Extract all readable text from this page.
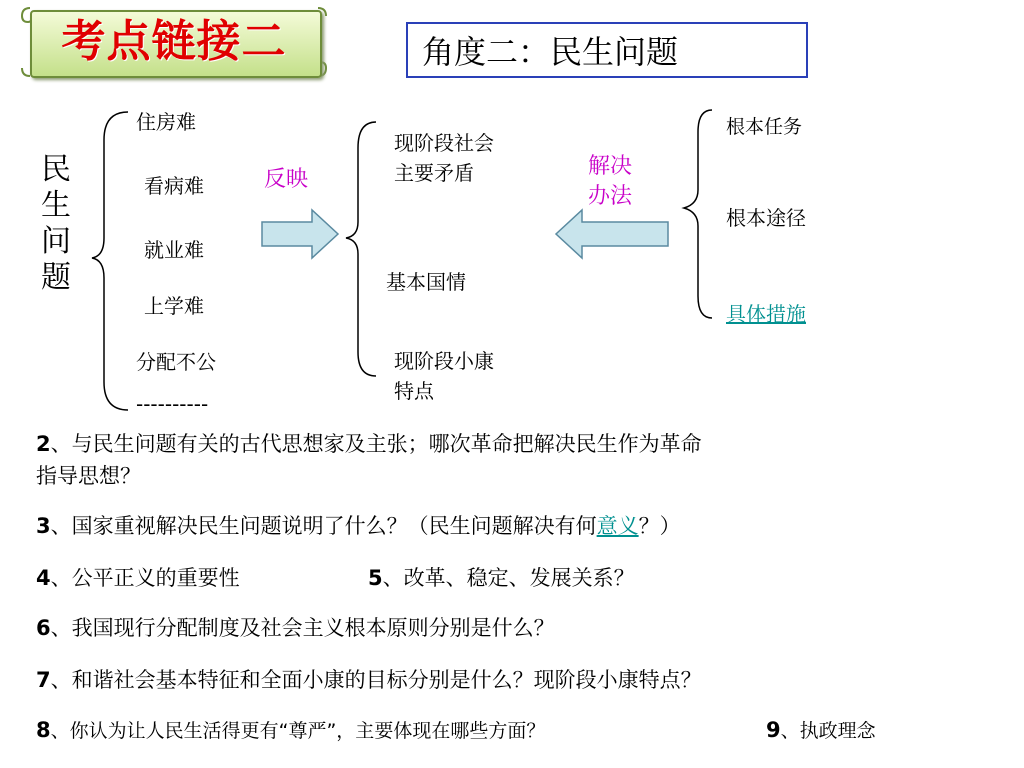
考点链接二	角度二：民生问题
民
生
问
题
住房难
看病难
就业难
上学难
分配不公
----------
反映
现阶段社会
主要矛盾
基本国情
现阶段小康
特点
解决
办法
根本任务
根本途径
具体措施
2、与民生问题有关的古代思想家及主张；哪次革命把解决民生作为革命
指导思想？
3、国家重视解决民生问题说明了什么？（民生问题解决有何意义？）
4、公平正义的重要性	5、改革、稳定、发展关系？
6、我国现行分配制度及社会主义根本原则分别是什么？
7、和谐社会基本特征和全面小康的目标分别是什么？现阶段小康特点？
8、你认为让人民生活得更有“尊严”，主要体现在哪些方面？	9、执政理念
